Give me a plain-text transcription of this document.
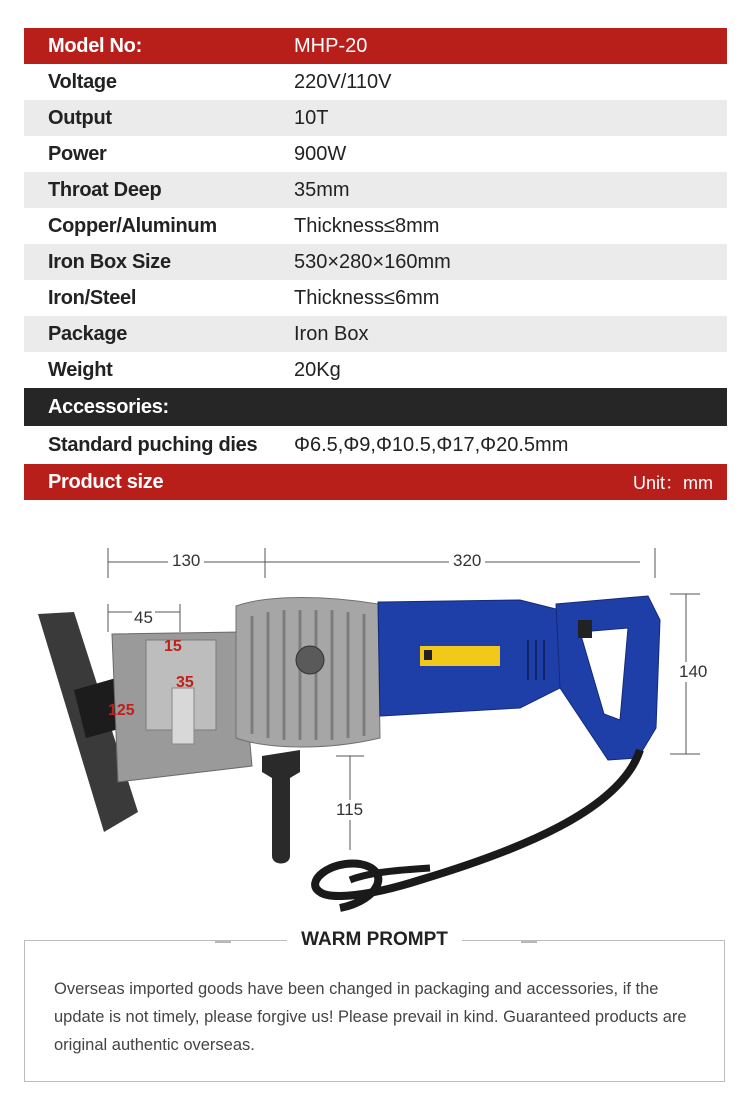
Model No:	MHP-20
Voltage	220V/110V
Output	10T
Power	900W
Throat Deep	35mm
Copper/Aluminum	Thickness≤8mm
Iron Box Size	530×280×160mm
Iron/Steel	Thickness≤6mm
Package	Iron Box
Weight	20Kg
Accessories:
Standard puching dies	Φ6.5,Φ9,Φ10.5,Φ17,Φ20.5mm
Product size	Unit：mm
130	320
140
45
15
35
125
115
WARM PROMPT
Overseas imported goods have been changed in packaging and accessories, if the update is not timely, please forgive us! Please prevail in kind. Guaranteed products are original authentic overseas.
